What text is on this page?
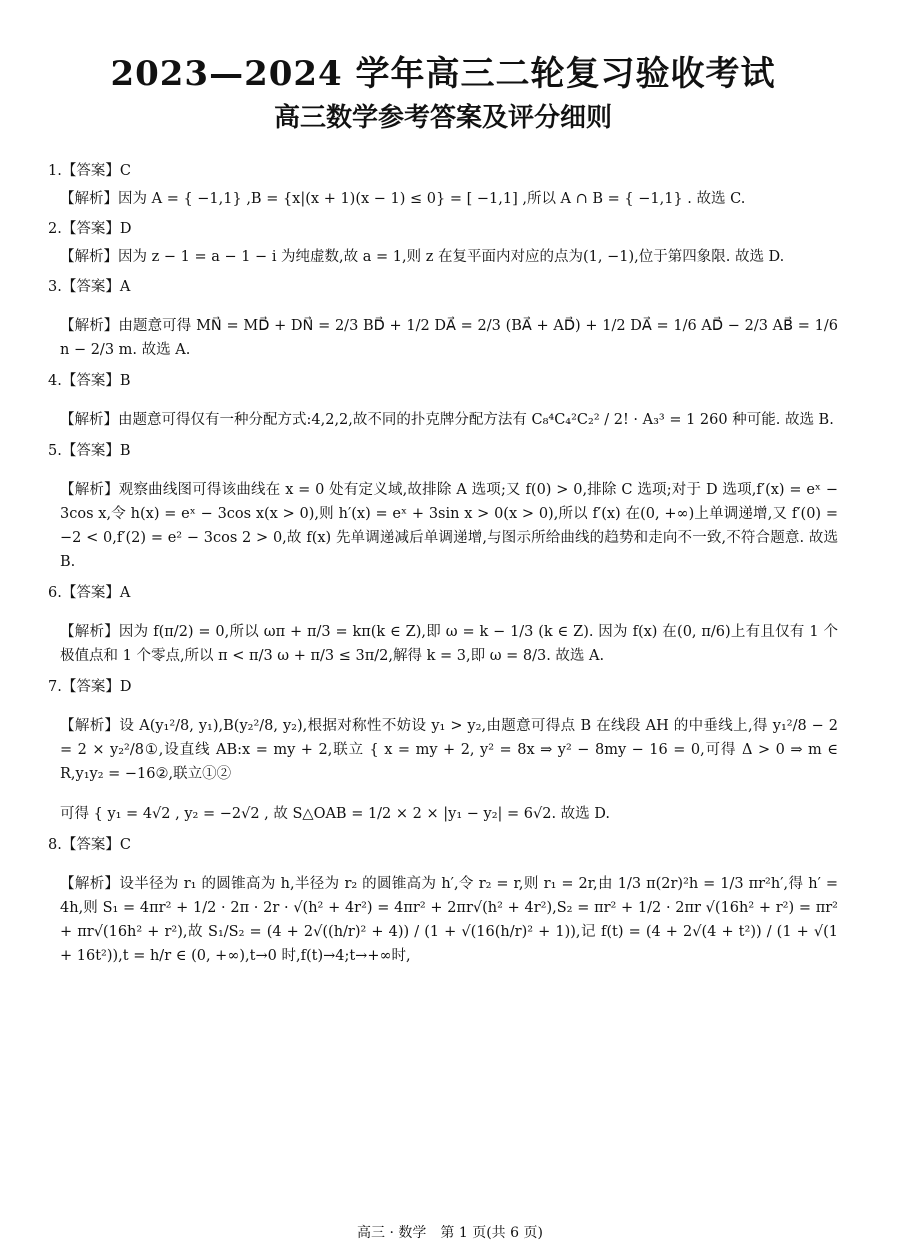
2023—2024 学年高三二轮复习验收考试
高三数学参考答案及评分细则
1.【答案】C

【解析】因为 A = { −1,1} ,B = {x|(x + 1)(x − 1) ≤ 0} = [ −1,1] ,所以 A ∩ B = { −1,1} . 故选 C.

2.【答案】D

【解析】因为 z − 1 = a − 1 − i 为纯虚数,故 a = 1,则 z 在复平面内对应的点为(1, −1),位于第四象限. 故选 D.

3.【答案】A

【解析】由题意可得 MN⃗ = MD⃗ + DN⃗ = 2/3 BD⃗ + 1/2 DA⃗ = 2/3 (BA⃗ + AD⃗) + 1/2 DA⃗ = 1/6 AD⃗ − 2/3 AB⃗ = 1/6 n − 2/3 m. 故选 A.

4.【答案】B

【解析】由题意可得仅有一种分配方式:4,2,2,故不同的扑克牌分配方法有 C₈⁴C₄²C₂² / 2! · A₃³ = 1 260 种可能. 故选 B.

5.【答案】B

【解析】观察曲线图可得该曲线在 x = 0 处有定义域,故排除 A 选项;又 f(0) > 0,排除 C 选项;对于 D 选项,f′(x) = eˣ − 3cos x,令 h(x) = eˣ − 3cos x(x > 0),则 h′(x) = eˣ + 3sin x > 0(x > 0),所以 f′(x) 在(0, +∞)上单调递增,又 f′(0) = −2 < 0,f′(2) = e² − 3cos 2 > 0,故 f(x) 先单调递减后单调递增,与图示所给曲线的趋势和走向不一致,不符合题意. 故选 B.

6.【答案】A

【解析】因为 f(π/2) = 0,所以 ωπ + π/3 = kπ(k ∈ Z),即 ω = k − 1/3 (k ∈ Z). 因为 f(x) 在(0, π/6)上有且仅有 1 个极值点和 1 个零点,所以 π < π/3 ω + π/3 ≤ 3π/2,解得 k = 3,即 ω = 8/3. 故选 A.

7.【答案】D

【解析】设 A(y₁²/8, y₁),B(y₂²/8, y₂),根据对称性不妨设 y₁ > y₂,由题意可得点 B 在线段 AH 的中垂线上,得 y₁²/8 − 2 = 2 × y₂²/8①,设直线 AB:x = my + 2,联立 { x = my + 2, y² = 8x ⇒ y² − 8my − 16 = 0,可得 Δ > 0 ⇒ m ∈ R,y₁y₂ = −16②,联立①②

可得 { y₁ = 4√2 , y₂ = −2√2 , 故 S△OAB = 1/2 × 2 × |y₁ − y₂| = 6√2. 故选 D.

8.【答案】C

【解析】设半径为 r₁ 的圆锥高为 h,半径为 r₂ 的圆锥高为 h′,令 r₂ = r,则 r₁ = 2r,由 1/3 π(2r)²h = 1/3 πr²h′,得 h′ = 4h,则 S₁ = 4πr² + 1/2 · 2π · 2r · √(h² + 4r²) = 4πr² + 2πr√(h² + 4r²),S₂ = πr² + 1/2 · 2πr √(16h² + r²) = πr² + πr√(16h² + r²),故 S₁/S₂ = (4 + 2√((h/r)² + 4)) / (1 + √(16(h/r)² + 1)),记 f(t) = (4 + 2√(4 + t²)) / (1 + √(1 + 16t²)),t = h/r ∈ (0, +∞),t→0 时,f(t)→4;t→+∞时,

高三 · 数学　第 1 页(共 6 页)
